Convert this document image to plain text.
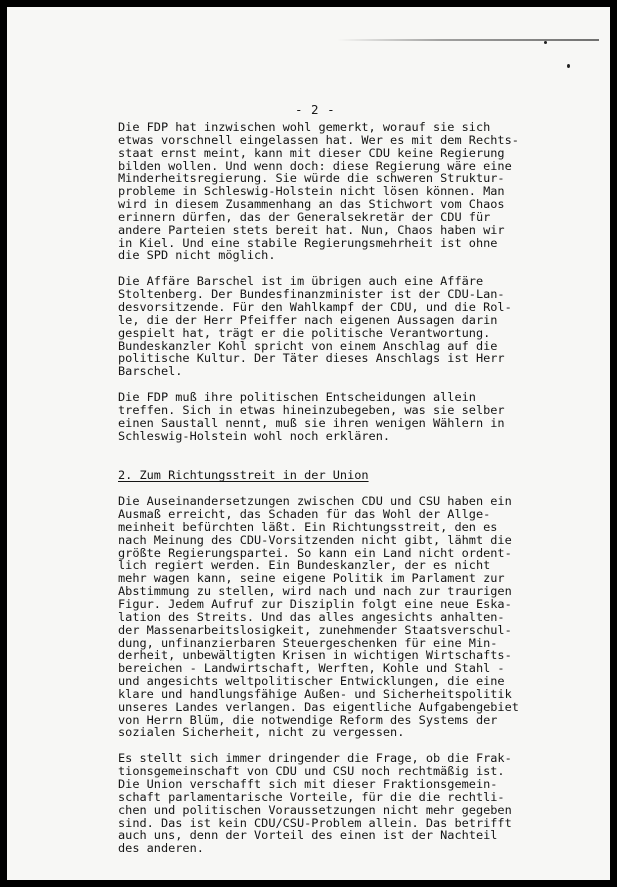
- 2 -
Die FDP hat inzwischen wohl gemerkt, worauf sie sich
etwas vorschnell eingelassen hat. Wer es mit dem Rechts-
staat ernst meint, kann mit dieser CDU keine Regierung
bilden wollen. Und wenn doch: diese Regierung wäre eine
Minderheitsregierung. Sie würde die schweren Struktur-
probleme in Schleswig-Holstein nicht lösen können. Man
wird in diesem Zusammenhang an das Stichwort vom Chaos
erinnern dürfen, das der Generalsekretär der CDU für
andere Parteien stets bereit hat. Nun, Chaos haben wir
in Kiel. Und eine stabile Regierungsmehrheit ist ohne
die SPD nicht möglich.
Die Affäre Barschel ist im übrigen auch eine Affäre
Stoltenberg. Der Bundesfinanzminister ist der CDU-Lan-
desvorsitzende. Für den Wahlkampf der CDU, und die Rol-
le, die der Herr Pfeiffer nach eigenen Aussagen darin
gespielt hat, trägt er die politische Verantwortung.
Bundeskanzler Kohl spricht von einem Anschlag auf die
politische Kultur. Der Täter dieses Anschlags ist Herr
Barschel.
Die FDP muß ihre politischen Entscheidungen allein
treffen. Sich in etwas hineinzubegeben, was sie selber
einen Saustall nennt, muß sie ihren wenigen Wählern in
Schleswig-Holstein wohl noch erklären.
2. Zum Richtungsstreit in der Union
Die Auseinandersetzungen zwischen CDU und CSU haben ein
Ausmaß erreicht, das Schaden für das Wohl der Allge-
meinheit befürchten läßt. Ein Richtungsstreit, den es
nach Meinung des CDU-Vorsitzenden nicht gibt, lähmt die
größte Regierungspartei. So kann ein Land nicht ordent-
lich regiert werden. Ein Bundeskanzler, der es nicht
mehr wagen kann, seine eigene Politik im Parlament zur
Abstimmung zu stellen, wird nach und nach zur traurigen
Figur. Jedem Aufruf zur Disziplin folgt eine neue Eska-
lation des Streits. Und das alles angesichts anhalten-
der Massenarbeitslosigkeit, zunehmender Staatsverschul-
dung, unfinanzierbaren Steuergeschenken für eine Min-
derheit, unbewältigten Krisen in wichtigen Wirtschafts-
bereichen - Landwirtschaft, Werften, Kohle und Stahl -
und angesichts weltpolitischer Entwicklungen, die eine
klare und handlungsfähige Außen- und Sicherheitspolitik
unseres Landes verlangen. Das eigentliche Aufgabengebiet
von Herrn Blüm, die notwendige Reform des Systems der
sozialen Sicherheit, nicht zu vergessen.
Es stellt sich immer dringender die Frage, ob die Frak-
tionsgemeinschaft von CDU und CSU noch rechtmäßig ist.
Die Union verschafft sich mit dieser Fraktionsgemein-
schaft parlamentarische Vorteile, für die die rechtli-
chen und politischen Voraussetzungen nicht mehr gegeben
sind. Das ist kein CDU/CSU-Problem allein. Das betrifft
auch uns, denn der Vorteil des einen ist der Nachteil
des anderen.
